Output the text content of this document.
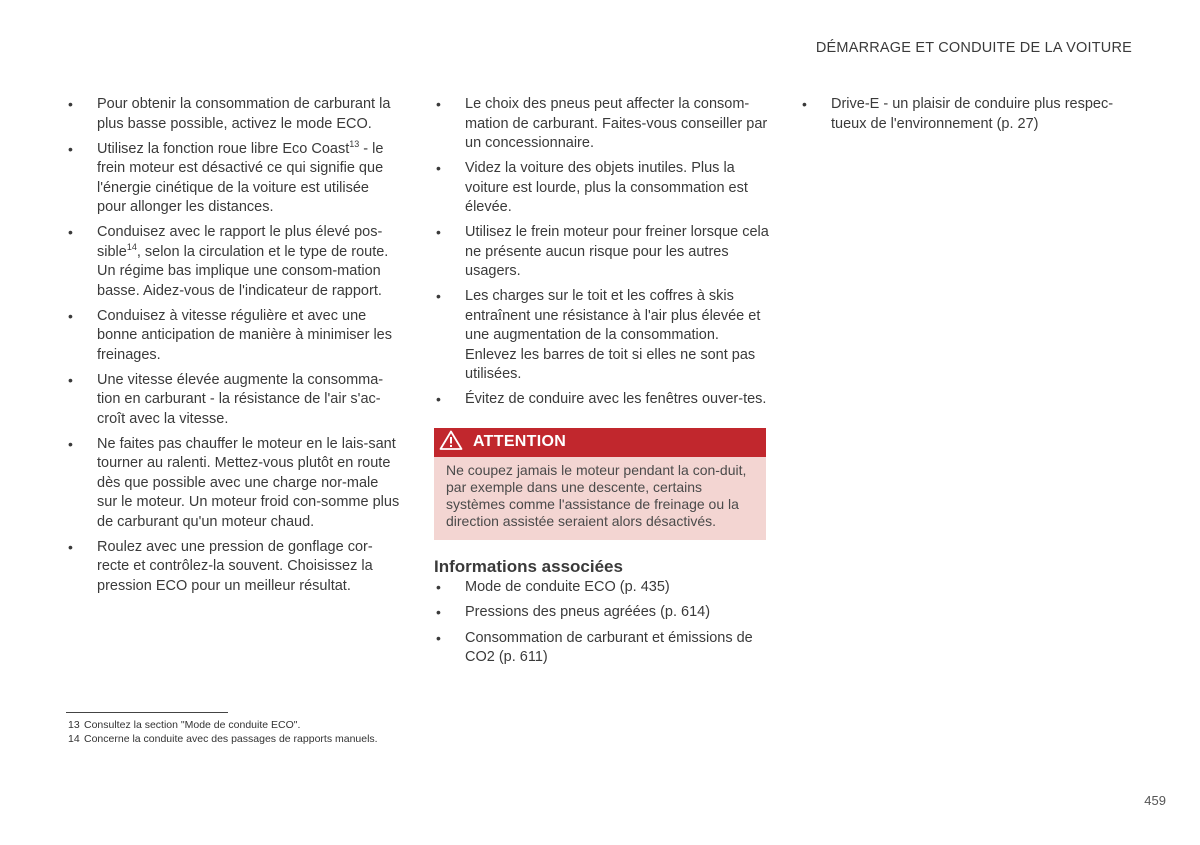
DÉMARRAGE ET CONDUITE DE LA VOITURE
• Pour obtenir la consommation de carburant la plus basse possible, activez le mode ECO.
• Utilisez la fonction roue libre Eco Coast$^{13}$ - le frein moteur est désactivé ce qui signifie que l'énergie cinétique de la voiture est utilisée pour allonger les distances.
• Conduisez avec le rapport le plus élevé pos-sible$^{14}$, selon la circulation et le type de route. Un régime bas implique une consom-mation basse. Aidez-vous de l'indicateur de rapport.
• Conduisez à vitesse régulière et avec une bonne anticipation de manière à minimiser les freinages.
• Une vitesse élevée augmente la consomma-tion en carburant - la résistance de l'air s'ac-croît avec la vitesse.
• Ne faites pas chauffer le moteur en le lais-sant tourner au ralenti. Mettez-vous plutôt en route dès que possible avec une charge nor-male sur le moteur. Un moteur froid con-somme plus de carburant qu'un moteur chaud.
• Roulez avec une pression de gonflage cor-recte et contrôlez-la souvent. Choisissez la pression ECO pour un meilleur résultat.
• Le choix des pneus peut affecter la consom-mation de carburant. Faites-vous conseiller par un concessionnaire.
• Videz la voiture des objets inutiles. Plus la voiture est lourde, plus la consommation est élevée.
• Utilisez le frein moteur pour freiner lorsque cela ne présente aucun risque pour les autres usagers.
• Les charges sur le toit et les coffres à skis entraînent une résistance à l'air plus élevée et une augmentation de la consommation. Enlevez les barres de toit si elles ne sont pas utilisées.
• Évitez de conduire avec les fenêtres ouver-tes.
ATTENTION
Ne coupez jamais le moteur pendant la con-duit, par exemple dans une descente, certains systèmes comme l'assistance de freinage ou la direction assistée seraient alors désactivés.
Informations associées
• Mode de conduite ECO (p. 435)
• Pressions des pneus agréées (p. 614)
• Consommation de carburant et émissions de CO2 (p. 611)
• Drive-E - un plaisir de conduire plus respec-tueux de l'environnement (p. 27)
13 Consultez la section "Mode de conduite ECO".
14 Concerne la conduite avec des passages de rapports manuels.
459
